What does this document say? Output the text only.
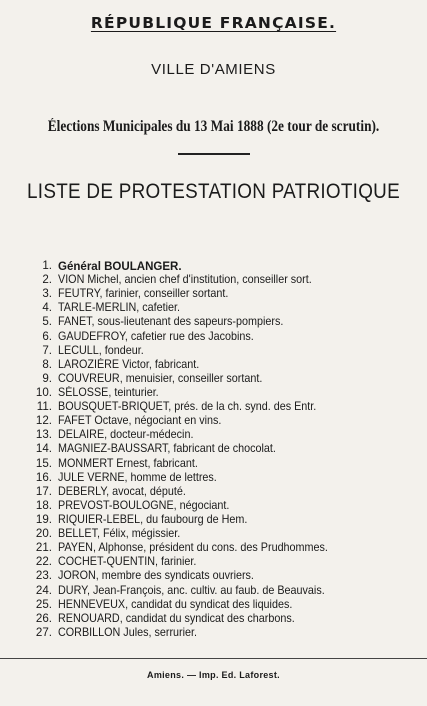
RÉPUBLIQUE FRANÇAISE.
VILLE D'AMIENS
Élections Municipales du 13 Mai 1888 (2e tour de scrutin).
LISTE DE PROTESTATION PATRIOTIQUE
1. Général BOULANGER.
2. VION Michel, ancien chef d'institution, conseiller sort.
3. FEUTRY, farinier, conseiller sortant.
4. TARLE-MERLIN, cafetier.
5. FANET, sous-lieutenant des sapeurs-pompiers.
6. GAUDEFROY, cafetier rue des Jacobins.
7. LECULL, fondeur.
8. LAROZIÈRE Victor, fabricant.
9. COUVREUR, menuisier, conseiller sortant.
10. SÉLOSSE, teinturier.
11. BOUSQUET-BRIQUET, prés. de la ch. synd. des Entr.
12. FAFET Octave, négociant en vins.
13. DELAIRE, docteur-médecin.
14. MAGNIEZ-BAUSSART, fabricant de chocolat.
15. MONMERT Ernest, fabricant.
16. JULE VERNE, homme de lettres.
17. DEBERLY, avocat, député.
18. PREVOST-BOULOGNE, négociant.
19. RIQUIER-LEBEL, du faubourg de Hem.
20. BELLET, Félix, mégissier.
21. PAYEN, Alphonse, président du cons. des Prudhommes.
22. COCHET-QUENTIN, farinier.
23. JORON, membre des syndicats ouvriers.
24. DURY, Jean-François, anc. cultiv. au faub. de Beauvais.
25. HENNEVEUX, candidat du syndicat des liquides.
26. RENOUARD, candidat du syndicat des charbons.
27. CORBILLON Jules, serrurier.
Amiens. — Imp. Ed. Laforest.
